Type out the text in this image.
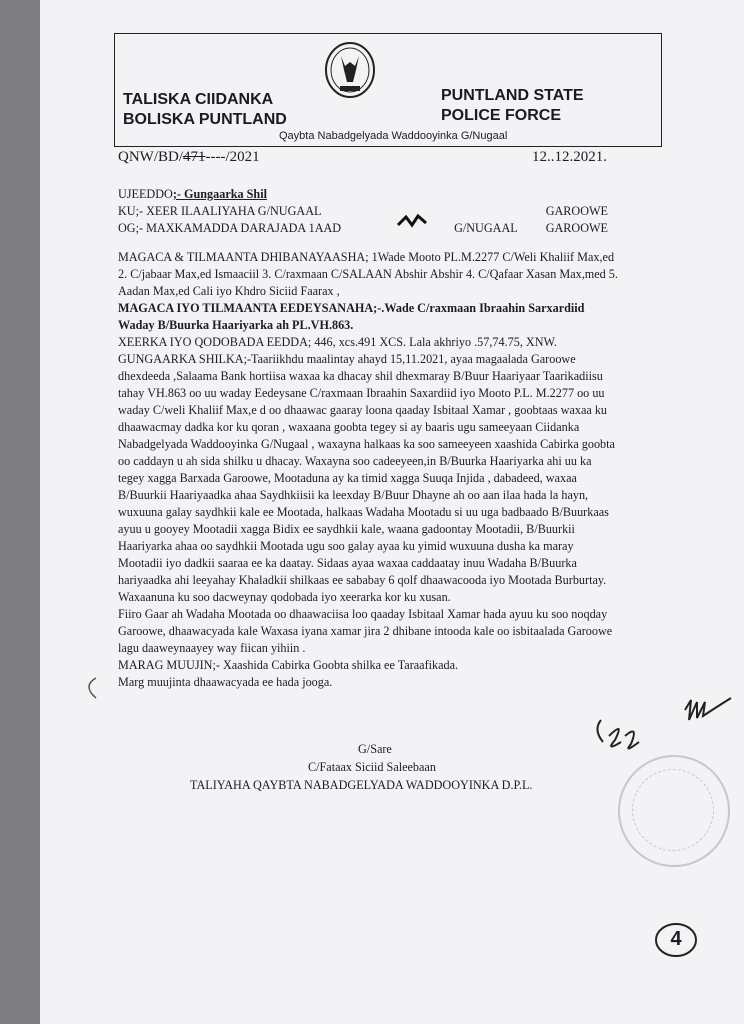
TALISKA CIIDANKA
BOLISKA PUNTLAND
PUNTLAND STATE
POLICE FORCE
Qaybta Nabadgelyada Waddooyinka G/Nugaal
QNW/BD/471----/2021	12..12.2021.

UJEEDDO;- Gungaarka Shil

KU;- XEER ILAALIYAHA G/NUGAAL	GAROOWE

OG;- MAXKAMADDA DARAJADA 1AAD	G/NUGAAL GAROOWE

MAGACA & TILMAANTA DHIBANAYAASHA; 1Wade Mooto PL.M.2277 C/Weli Khaliif Max,ed 2. C/jabaar Max,ed Ismaaciil 3. C/raxmaan C/SALAAN Abshir Abshir 4. C/Qafaar Xasan Max,med 5. Aadan Max,ed Cali iyo Khdro Siciid Faarax ,

MAGACA IYO TILMAANTA EEDEYSANAHA;-.Wade C/raxmaan Ibraahin Sarxardiid Waday B/Buurka Haariyarka ah PL.VH.863.

XEERKA IYO QODOBADA EEDDA; 446, xcs.491 XCS. Lala akhriyo .57,74.75, XNW.

GUNGAARKA SHILKA;-Taariikhdu maalintay ahayd 15,11.2021, ayaa magaalada Garoowe dhexdeeda ,Salaama Bank hortiisa waxaa ka dhacay shil dhexmaray B/Buur Haariyaar Taarikadiisu tahay VH.863 oo uu waday Eedeysane C/raxmaan Ibraahin Saxardiid iyo Mooto P.L. M.2277 oo uu waday C/weli Khaliif Max,e d oo dhaawac gaaray loona qaaday Isbitaal Xamar , goobtaas waxaa ku dhaawacmay dadka kor ku qoran , waxaana goobta tegey si ay baaris ugu sameeyaan Ciidanka Nabadgelyada Waddooyinka G/Nugaal , waxayna halkaas ka soo sameeyeen xaashida Cabirka goobta oo caddayn u ah sida shilku u dhacay. Waxayna soo cadeeyeen,in B/Buurka Haariyarka ahi uu ka tegey xagga Barxada Garoowe, Mootaduna ay ka timid xagga Suuqa Injida , dabadeed, waxaa B/Buurkii Haariyaadka ahaa Saydhkiisii ka leexday B/Buur Dhayne ah oo aan ilaa hada la hayn, wuxuuna galay saydhkii kale ee Mootada, halkaas Wadaha Mootadu si uu uga badbaado B/Buurkaas ayuu u gooyey Mootadii xagga Bidix ee saydhkii kale, waana gadoontay Mootadii, B/Buurkii Haariyarka ahaa oo saydhkii Mootada ugu soo galay ayaa ku yimid wuxuuna dusha ka maray Mootadii iyo dadkii saaraa ee ka daatay. Sidaas ayaa waxaa caddaatay inuu Wadaha B/Buurka hariyaadka ahi leeyahay Khaladkii shilkaas ee sababay 6 qolf dhaawacooda iyo Mootada Burburtay. Waxaanuna ku soo dacweynay qodobada iyo xeerarka kor ku xusan.

Fiiro Gaar ah Wadaha Mootada oo dhaawaciisa loo qaaday Isbitaal Xamar hada ayuu ku soo noqday Garoowe, dhaawacyada kale Waxasa iyana xamar jira 2 dhibane intooda kale oo isbitaalada Garoowe lagu daaweynaayey way fiican yihiin .

MARAG MUUJIN;- Xaashida Cabirka Goobta shilka ee Taraafikada.

Marg muujinta dhaawacyada ee hada jooga.

G/Sare
C/Fataax Siciid Saleebaan
TALIYAHA QAYBTA NABADGELYADA WADDOOYINKA D.P.L.
4
